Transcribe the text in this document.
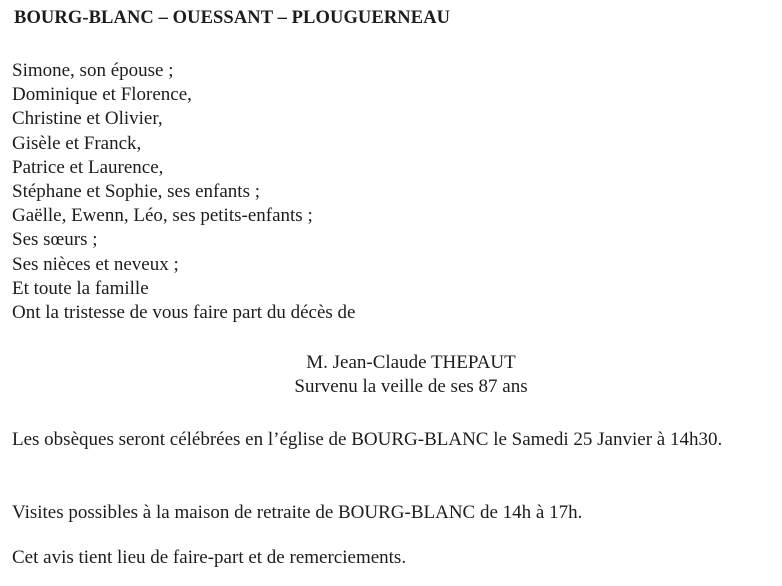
BOURG-BLANC – OUESSANT – PLOUGUERNEAU
Simone, son épouse ;
Dominique et Florence,
Christine et Olivier,
Gisèle et Franck,
Patrice et Laurence,
Stéphane et Sophie, ses enfants ;
Gaëlle, Ewenn, Léo, ses petits-enfants ;
Ses sœurs ;
Ses nièces et neveux ;
Et toute la famille
Ont la tristesse de vous faire part du décès de
M. Jean-Claude THEPAUT
Survenu la veille de ses 87 ans
Les obsèques seront célébrées en l’église de BOURG-BLANC le Samedi 25 Janvier à 14h30.
Visites possibles à la maison de retraite de BOURG-BLANC de 14h à 17h.
Cet avis tient lieu de faire-part et de remerciements.
